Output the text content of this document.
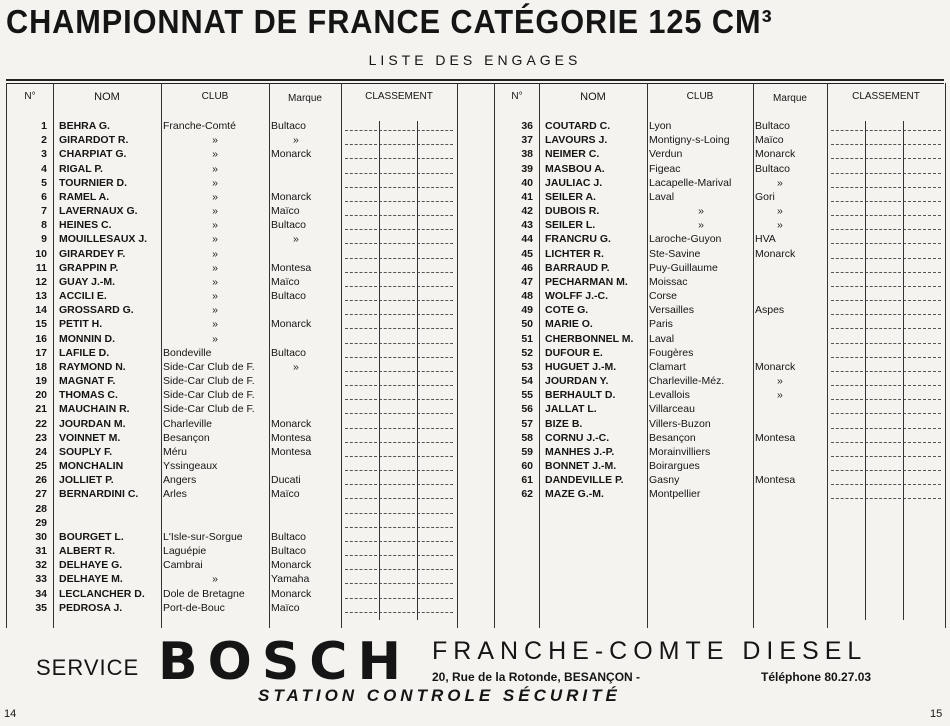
CHAMPIONNAT DE FRANCE CATÉGORIE 125 CM³
LISTE DES ENGAGES
N°	NOM	CLUB	Marque	CLASSEMENT
1 BEHRA G.	Franche-Comté	Bultaco
2 GIRARDOT R.	»	»
3 CHARPIAT G.	»	Monarck
4 RIGAL P.	»
5 TOURNIER D.	»
6 RAMEL A.	»	Monarck
7 LAVERNAUX G.	»	Maïco
8 HEINES C.	»	Bultaco
9 MOUILLESAUX J.	»	»
10 GIRARDEY F.	»
11 GRAPPIN P.	»	Montesa
12 GUAY J.-M.	»	Maïco
13 ACCILI E.	»	Bultaco
14 GROSSARD G.	»
15 PETIT H.	»	Monarck
16 MONNIN D.	»
17 LAFILE D.	Bondeville	Bultaco
18 RAYMOND N.	Side-Car Club de F.	»
19 MAGNAT F.	Side-Car Club de F.
20 THOMAS C.	Side-Car Club de F.
21 MAUCHAIN R.	Side-Car Club de F.
22 JOURDAN M.	Charleville	Monarck
23 VOINNET M.	Besançon	Montesa
24 SOUPLY F.	Méru	Montesa
25 MONCHALIN	Yssingeaux
26 JOLLIET P.	Angers	Ducati
27 BERNARDINI C.	Arles	Maïco
28
29
30 BOURGET L.	L'Isle-sur-Sorgue	Bultaco
31 ALBERT R.	Laguépie	Bultaco
32 DELHAYE G.	Cambrai	Monarck
33 DELHAYE M.	»	Yamaha
34 LECLANCHER D.	Dole de Bretagne	Monarck
35 PEDROSA J.	Port-de-Bouc	Maïco
N°	NOM	CLUB	Marque	CLASSEMENT
36 COUTARD C.	Lyon	Bultaco
37 LAVOURS J.	Montigny-s-Loing	Maïco
38 NEIMER C.	Verdun	Monarck
39 MASBOU A.	Figeac	Bultaco
40 JAULIAC J.	Lacapelle-Marival	»
41 SEILER A.	Laval	Gori
42 DUBOIS R.	»	»
43 SEILER L.	»	»
44 FRANCRU G.	Laroche-Guyon	HVA
45 LICHTER R.	Ste-Savine	Monarck
46 BARRAUD P.	Puy-Guillaume
47 PECHARMAN M.	Moissac
48 WOLFF J.-C.	Corse
49 COTE G.	Versailles	Aspes
50 MARIE O.	Paris
51 CHERBONNEL M.	Laval
52 DUFOUR E.	Fougères
53 HUGUET J.-M.	Clamart	Monarck
54 JOURDAN Y.	Charleville-Méz.	»
55 BERHAULT D.	Levallois	»
56 JALLAT L.	Villarceau
57 BIZE B.	Villers-Buzon
58 CORNU J.-C.	Besançon	Montesa
59 MANHES J.-P.	Morainvilliers
60 BONNET J.-M.	Boirargues
61 DANDEVILLE P.	Gasny	Montesa
62 MAZE G.-M.	Montpellier
SERVICE BOSCH FRANCHE-COMTE DIESEL
20, Rue de la Rotonde, BESANÇON -	Téléphone 80.27.03
STATION CONTROLE SÉCURITÉ
14	15
